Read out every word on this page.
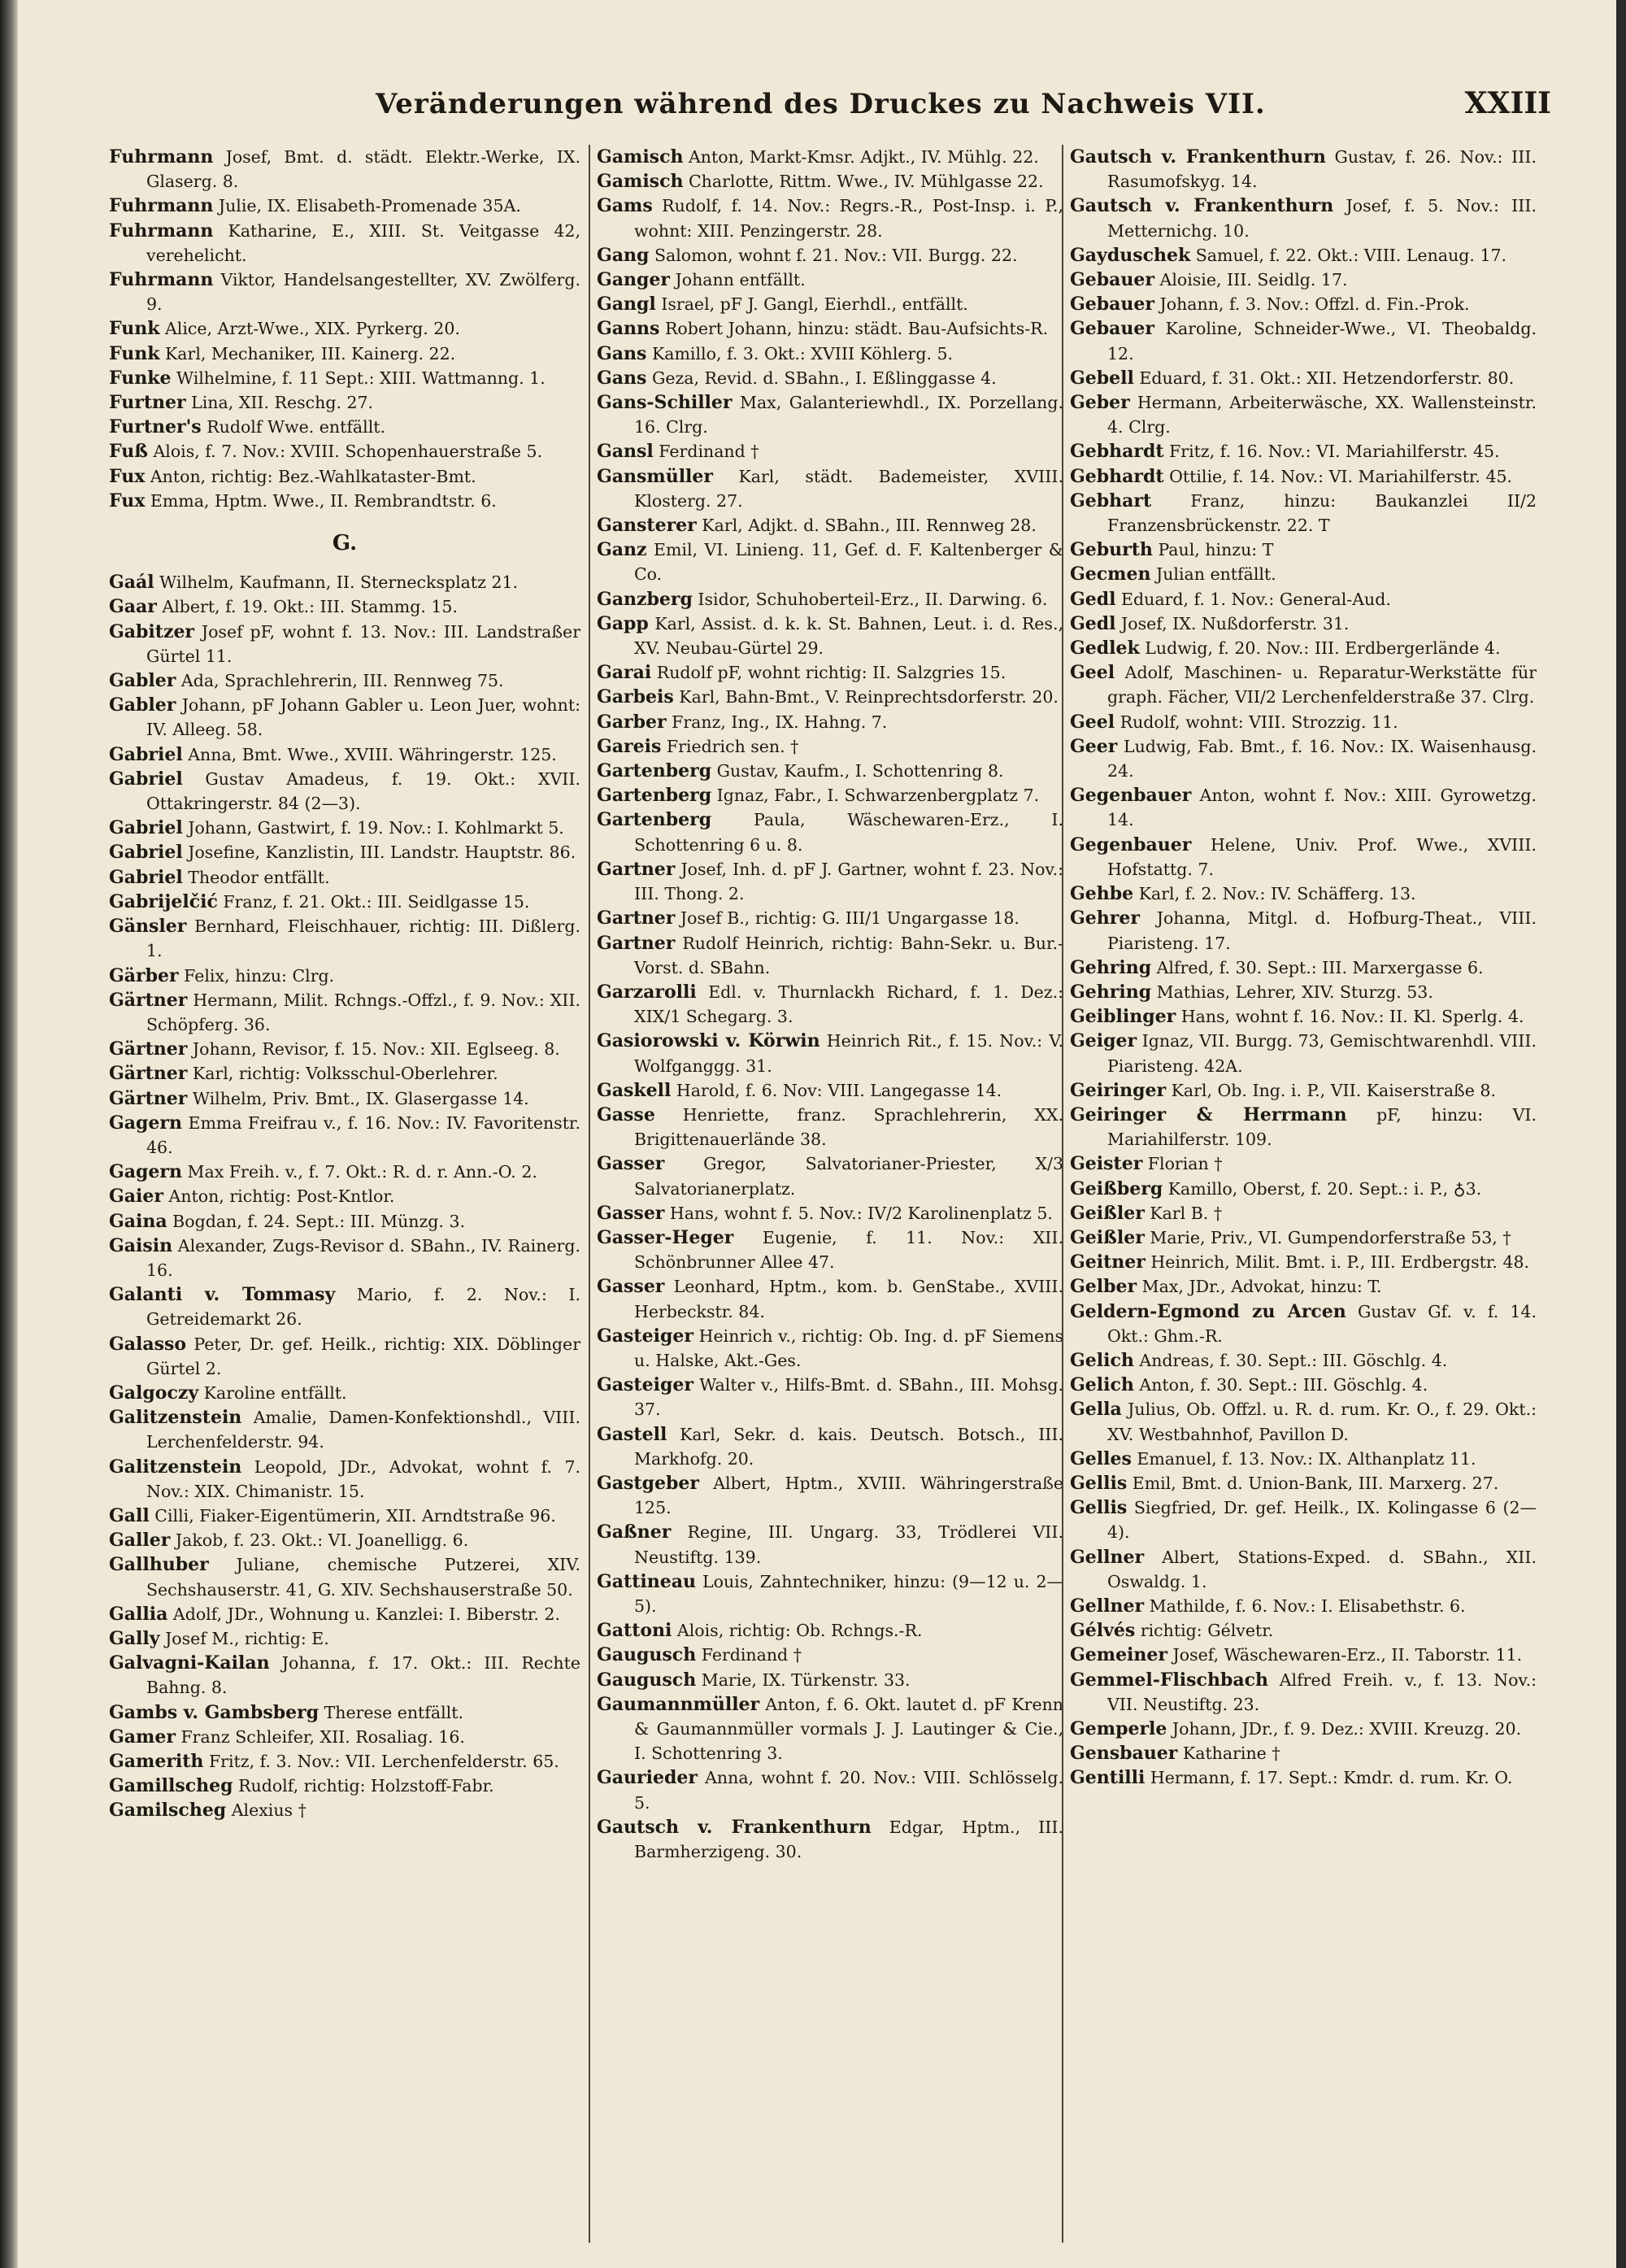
Veränderungen während des Druckes zu Nachweis VII.	XXIII

Fuhrmann Josef, Bmt. d. städt. Elektr.-Werke, IX. Glaserg. 8.

Fuhrmann Julie, IX. Elisabeth-Promenade 35A.

Fuhrmann Katharine, E., XIII. St. Veitgasse 42, verehelicht.

Fuhrmann Viktor, Handelsangestellter, XV. Zwölferg. 9.

Funk Alice, Arzt-Wwe., XIX. Pyrkerg. 20.

Funk Karl, Mechaniker, III. Kainerg. 22.

Funke Wilhelmine, f. 11 Sept.: XIII. Wattmanng. 1.

Furtner Lina, XII. Reschg. 27.

Furtner's Rudolf Wwe. entfällt.

Fuß Alois, f. 7. Nov.: XVIII. Schopenhauerstraße 5.

Fux Anton, richtig: Bez.-Wahlkataster-Bmt.

Fux Emma, Hptm. Wwe., II. Rembrandtstr. 6.

G.

Gaál Wilhelm, Kaufmann, II. Sternecksplatz 21.

Gaar Albert, f. 19. Okt.: III. Stammg. 15.

Gabitzer Josef pF, wohnt f. 13. Nov.: III. Landstraßer Gürtel 11.

Gabler Ada, Sprachlehrerin, III. Rennweg 75.

Gabler Johann, pF Johann Gabler u. Leon Juer, wohnt: IV. Alleeg. 58.

Gabriel Anna, Bmt. Wwe., XVIII. Währingerstr. 125.

Gabriel Gustav Amadeus, f. 19. Okt.: XVII. Ottakringerstr. 84 (2—3).

Gabriel Johann, Gastwirt, f. 19. Nov.: I. Kohlmarkt 5.

Gabriel Josefine, Kanzlistin, III. Landstr. Hauptstr. 86.

Gabriel Theodor entfällt.

Gabrijelčić Franz, f. 21. Okt.: III. Seidlgasse 15.

Gänsler Bernhard, Fleischhauer, richtig: III. Dißlerg. 1.

Gärber Felix, hinzu: Clrg.

Gärtner Hermann, Milit. Rchngs.-Offzl., f. 9. Nov.: XII. Schöpferg. 36.

Gärtner Johann, Revisor, f. 15. Nov.: XII. Eglseeg. 8.

Gärtner Karl, richtig: Volksschul-Oberlehrer.

Gärtner Wilhelm, Priv. Bmt., IX. Glasergasse 14.

Gagern Emma Freifrau v., f. 16. Nov.: IV. Favoritenstr. 46.

Gagern Max Freih. v., f. 7. Okt.: R. d. r. Ann.-O. 2.

Gaier Anton, richtig: Post-Kntlor.

Gaina Bogdan, f. 24. Sept.: III. Münzg. 3.

Gaisin Alexander, Zugs-Revisor d. SBahn., IV. Rainerg. 16.

Galanti v. Tommasy Mario, f. 2. Nov.: I. Getreidemarkt 26.

Galasso Peter, Dr. gef. Heilk., richtig: XIX. Döblinger Gürtel 2.

Galgoczy Karoline entfällt.

Galitzenstein Amalie, Damen-Konfektionshdl., VIII. Lerchenfelderstr. 94.

Galitzenstein Leopold, JDr., Advokat, wohnt f. 7. Nov.: XIX. Chimanistr. 15.

Gall Cilli, Fiaker-Eigentümerin, XII. Arndtstraße 96.

Galler Jakob, f. 23. Okt.: VI. Joanelligg. 6.

Gallhuber Juliane, chemische Putzerei, XIV. Sechshauserstr. 41, G. XIV. Sechshauserstraße 50.

Gallia Adolf, JDr., Wohnung u. Kanzlei: I. Biberstr. 2.

Gally Josef M., richtig: E.

Galvagni-Kailan Johanna, f. 17. Okt.: III. Rechte Bahng. 8.

Gambs v. Gambsberg Therese entfällt.

Gamer Franz Schleifer, XII. Rosaliag. 16.

Gamerith Fritz, f. 3. Nov.: VII. Lerchenfelderstr. 65.

Gamillscheg Rudolf, richtig: Holzstoff-Fabr.

Gamilscheg Alexius †

Gamisch Anton, Markt-Kmsr. Adjkt., IV. Mühlg. 22.

Gamisch Charlotte, Rittm. Wwe., IV. Mühlgasse 22.

Gams Rudolf, f. 14. Nov.: Regrs.-R., Post-Insp. i. P., wohnt: XIII. Penzingerstr. 28.

Gang Salomon, wohnt f. 21. Nov.: VII. Burgg. 22.

Ganger Johann entfällt.

Gangl Israel, pF J. Gangl, Eierhdl., entfällt.

Ganns Robert Johann, hinzu: städt. Bau-Aufsichts-R.

Gans Kamillo, f. 3. Okt.: XVIII Köhlerg. 5.

Gans Geza, Revid. d. SBahn., I. Eßlinggasse 4.

Gans-Schiller Max, Galanteriewhdl., IX. Porzellang. 16. Clrg.

Gansl Ferdinand †

Gansmüller Karl, städt. Bademeister, XVIII. Klosterg. 27.

Gansterer Karl, Adjkt. d. SBahn., III. Rennweg 28.

Ganz Emil, VI. Linieng. 11, Gef. d. F. Kaltenberger & Co.

Ganzberg Isidor, Schuhoberteil-Erz., II. Darwing. 6.

Gapp Karl, Assist. d. k. k. St. Bahnen, Leut. i. d. Res., XV. Neubau-Gürtel 29.

Garai Rudolf pF, wohnt richtig: II. Salzgries 15.

Garbeis Karl, Bahn-Bmt., V. Reinprechtsdorferstr. 20.

Garber Franz, Ing., IX. Hahng. 7.

Gareis Friedrich sen. †

Gartenberg Gustav, Kaufm., I. Schottenring 8.

Gartenberg Ignaz, Fabr., I. Schwarzenbergplatz 7.

Gartenberg Paula, Wäschewaren-Erz., I. Schottenring 6 u. 8.

Gartner Josef, Inh. d. pF J. Gartner, wohnt f. 23. Nov.: III. Thong. 2.

Gartner Josef B., richtig: G. III/1 Ungargasse 18.

Gartner Rudolf Heinrich, richtig: Bahn-Sekr. u. Bur.-Vorst. d. SBahn.

Garzarolli Edl. v. Thurnlackh Richard, f. 1. Dez.: XIX/1 Schegarg. 3.

Gasiorowski v. Körwin Heinrich Rit., f. 15. Nov.: V. Wolfganggg. 31.

Gaskell Harold, f. 6. Nov: VIII. Langegasse 14.

Gasse Henriette, franz. Sprachlehrerin, XX. Brigittenauerlände 38.

Gasser Gregor, Salvatorianer-Priester, X/3 Salvatorianerplatz.

Gasser Hans, wohnt f. 5. Nov.: IV/2 Karolinenplatz 5.

Gasser-Heger Eugenie, f. 11. Nov.: XII. Schönbrunner Allee 47.

Gasser Leonhard, Hptm., kom. b. GenStabe., XVIII. Herbeckstr. 84.

Gasteiger Heinrich v., richtig: Ob. Ing. d. pF Siemens u. Halske, Akt.-Ges.

Gasteiger Walter v., Hilfs-Bmt. d. SBahn., III. Mohsg. 37.

Gastell Karl, Sekr. d. kais. Deutsch. Botsch., III. Markhofg. 20.

Gastgeber Albert, Hptm., XVIII. Währingerstraße 125.

Gaßner Regine, III. Ungarg. 33, Trödlerei VII. Neustiftg. 139.

Gattineau Louis, Zahntechniker, hinzu: (9—12 u. 2—5).

Gattoni Alois, richtig: Ob. Rchngs.-R.

Gaugusch Ferdinand †

Gaugusch Marie, IX. Türkenstr. 33.

Gaumannmüller Anton, f. 6. Okt. lautet d. pF Krenn & Gaumannmüller vormals J. J. Lautinger & Cie., I. Schottenring 3.

Gaurieder Anna, wohnt f. 20. Nov.: VIII. Schlösselg. 5.

Gautsch v. Frankenthurn Edgar, Hptm., III. Barmherzigeng. 30.

Gautsch v. Frankenthurn Gustav, f. 26. Nov.: III. Rasumofskyg. 14.

Gautsch v. Frankenthurn Josef, f. 5. Nov.: III. Metternichg. 10.

Gayduschek Samuel, f. 22. Okt.: VIII. Lenaug. 17.

Gebauer Aloisie, III. Seidlg. 17.

Gebauer Johann, f. 3. Nov.: Offzl. d. Fin.-Prok.

Gebauer Karoline, Schneider-Wwe., VI. Theobaldg. 12.

Gebell Eduard, f. 31. Okt.: XII. Hetzendorferstr. 80.

Geber Hermann, Arbeiterwäsche, XX. Wallensteinstr. 4. Clrg.

Gebhardt Fritz, f. 16. Nov.: VI. Mariahilferstr. 45.

Gebhardt Ottilie, f. 14. Nov.: VI. Mariahilferstr. 45.

Gebhart Franz, hinzu: Baukanzlei II/2 Franzensbrückenstr. 22. T

Geburth Paul, hinzu: T

Gecmen Julian entfällt.

Gedl Eduard, f. 1. Nov.: General-Aud.

Gedl Josef, IX. Nußdorferstr. 31.

Gedlek Ludwig, f. 20. Nov.: III. Erdbergerlände 4.

Geel Adolf, Maschinen- u. Reparatur-Werkstätte für graph. Fächer, VII/2 Lerchenfelderstraße 37. Clrg.

Geel Rudolf, wohnt: VIII. Strozzig. 11.

Geer Ludwig, Fab. Bmt., f. 16. Nov.: IX. Waisenhausg. 24.

Gegenbauer Anton, wohnt f. Nov.: XIII. Gyrowetzg. 14.

Gegenbauer Helene, Univ. Prof. Wwe., XVIII. Hofstattg. 7.

Gehbe Karl, f. 2. Nov.: IV. Schäfferg. 13.

Gehrer Johanna, Mitgl. d. Hofburg-Theat., VIII. Piaristeng. 17.

Gehring Alfred, f. 30. Sept.: III. Marxergasse 6.

Gehring Mathias, Lehrer, XIV. Sturzg. 53.

Geiblinger Hans, wohnt f. 16. Nov.: II. Kl. Sperlg. 4.

Geiger Ignaz, VII. Burgg. 73, Gemischtwarenhdl. VIII. Piaristeng. 42A.

Geiringer Karl, Ob. Ing. i. P., VII. Kaiserstraße 8.

Geiringer & Herrmann pF, hinzu: VI. Mariahilferstr. 109.

Geister Florian †

Geißberg Kamillo, Oberst, f. 20. Sept.: i. P., ♁3.

Geißler Karl B. †

Geißler Marie, Priv., VI. Gumpendorferstraße 53, †

Geitner Heinrich, Milit. Bmt. i. P., III. Erdbergstr. 48.

Gelber Max, JDr., Advokat, hinzu: T.

Geldern-Egmond zu Arcen Gustav Gf. v. f. 14. Okt.: Ghm.-R.

Gelich Andreas, f. 30. Sept.: III. Göschlg. 4.

Gelich Anton, f. 30. Sept.: III. Göschlg. 4.

Gella Julius, Ob. Offzl. u. R. d. rum. Kr. O., f. 29. Okt.: XV. Westbahnhof, Pavillon D.

Gelles Emanuel, f. 13. Nov.: IX. Althanplatz 11.

Gellis Emil, Bmt. d. Union-Bank, III. Marxerg. 27.

Gellis Siegfried, Dr. gef. Heilk., IX. Kolingasse 6 (2—4).

Gellner Albert, Stations-Exped. d. SBahn., XII. Oswaldg. 1.

Gellner Mathilde, f. 6. Nov.: I. Elisabethstr. 6.

Gélvés richtig: Gélvetr.

Gemeiner Josef, Wäschewaren-Erz., II. Taborstr. 11.

Gemmel-Flischbach Alfred Freih. v., f. 13. Nov.: VII. Neustiftg. 23.

Gemperle Johann, JDr., f. 9. Dez.: XVIII. Kreuzg. 20.

Gensbauer Katharine †

Gentilli Hermann, f. 17. Sept.: Kmdr. d. rum. Kr. O.
